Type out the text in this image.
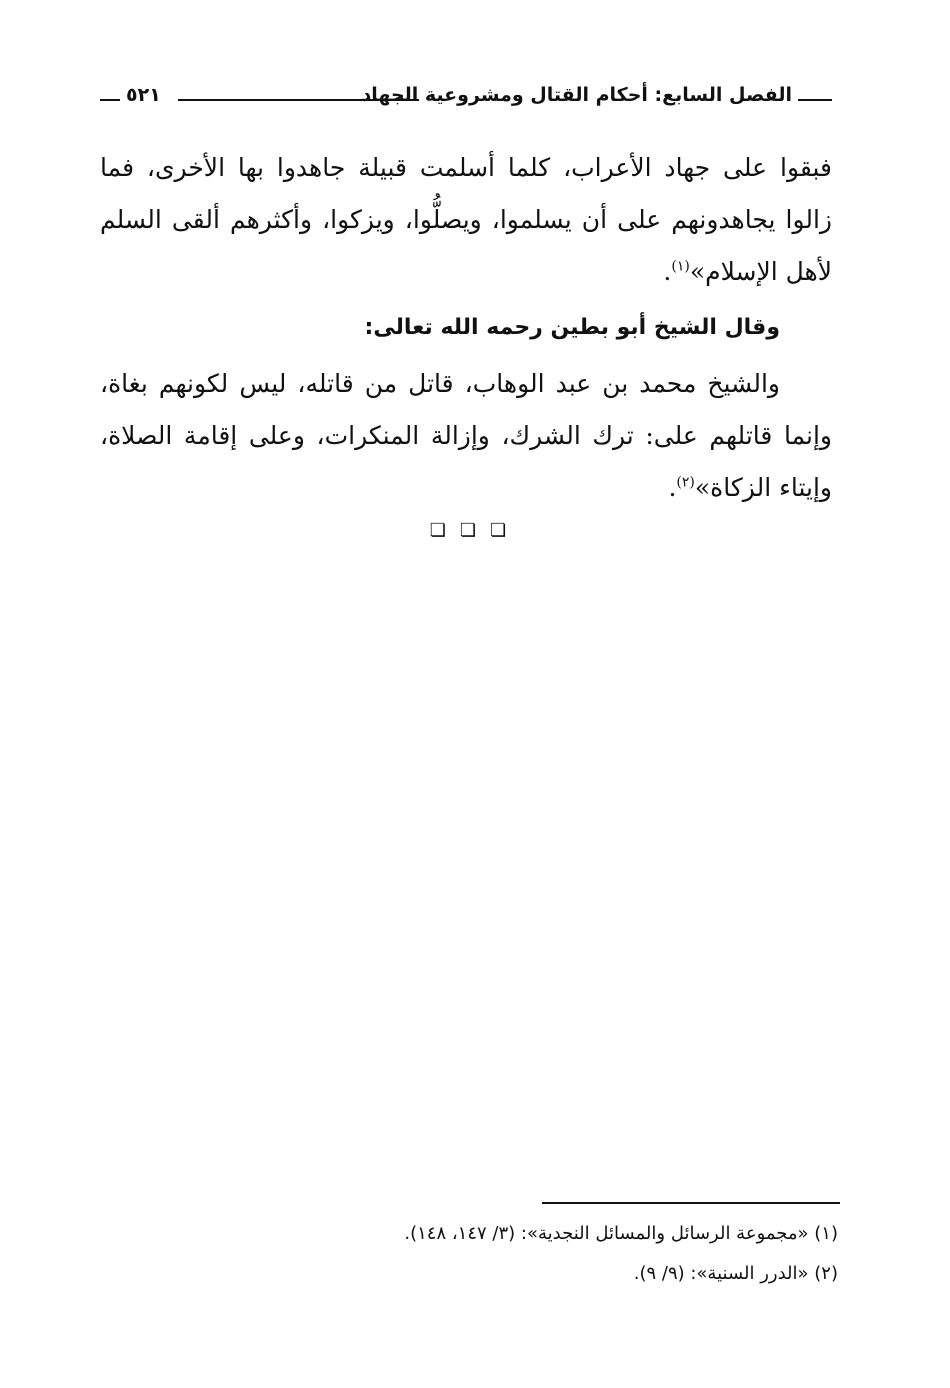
الفصل السابع: أحكام القتال ومشروعية الجهاد
٥٢١

فبقوا على جهاد الأعراب، كلما أسلمت قبيلة جاهدوا بها الأخرى، فما زالوا يجاهدونهم على أن يسلموا، ويصلُّوا، ويزكوا، وأكثرهم ألقى السلم لأهل الإسلام»$^{(١)}$.

وقال الشيخ أبو بطين رحمه الله تعالى:

والشيخ محمد بن عبد الوهاب، قاتل من قاتله، ليس لكونهم بغاة، وإنما قاتلهم على: ترك الشرك، وإزالة المنكرات، وعلى إقامة الصلاة، وإيتاء الزكاة»$^{(٢)}$.

❏❏❏

(١) «مجموعة الرسائل والمسائل النجدية»: (٣/ ١٤٧، ١٤٨).

(٢) «الدرر السنية»: (٩/ ٩).
